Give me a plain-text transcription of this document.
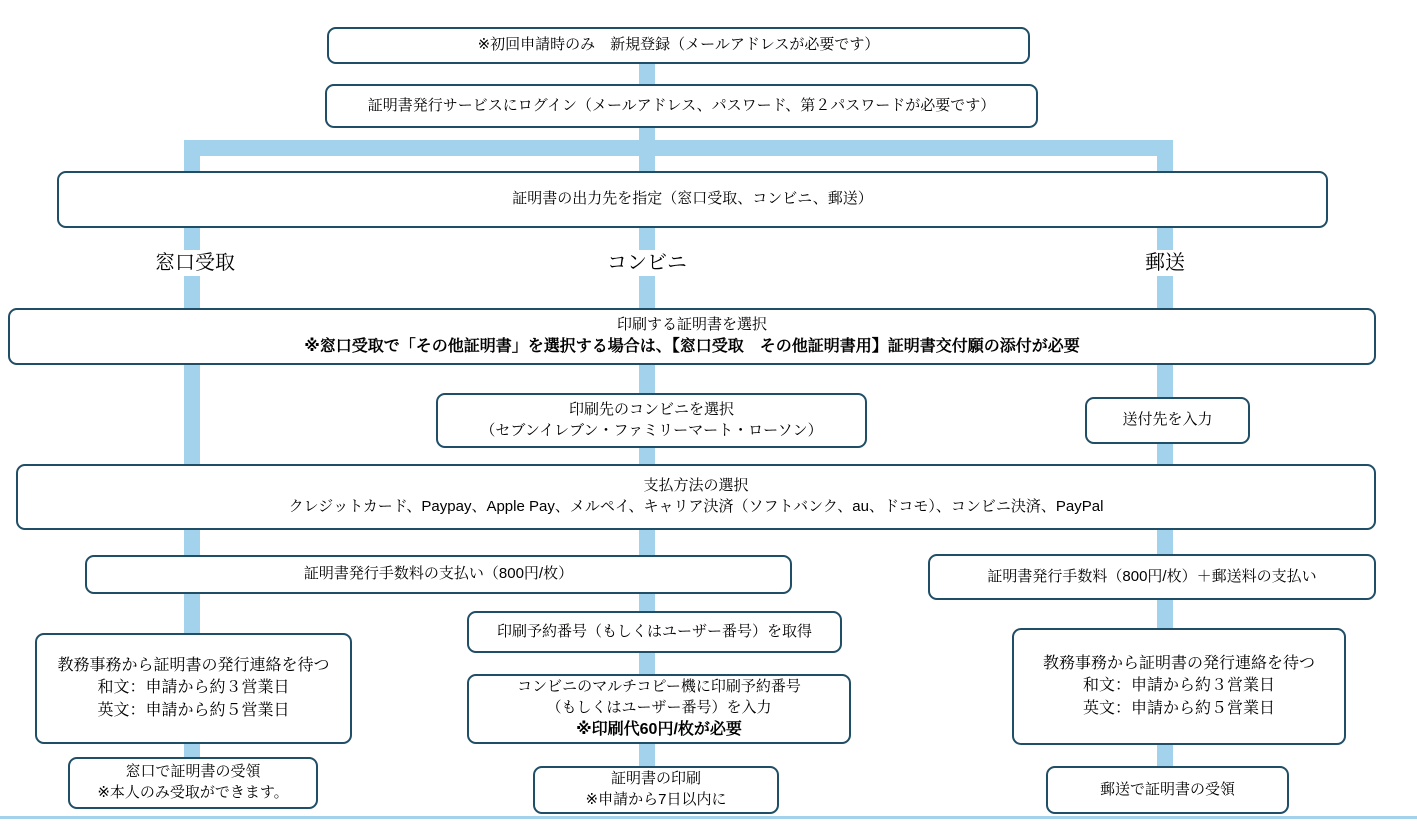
※初回申請時のみ　新規登録（メールアドレスが必要です）
証明書発行サービスにログイン（メールアドレス、パスワード、第２パスワードが必要です）
証明書の出力先を指定（窓口受取、コンビニ、郵送）
窓口受取	コンビニ	郵送
印刷する証明書を選択
※窓口受取で「その他証明書」を選択する場合は、【窓口受取　その他証明書用】証明書交付願の添付が必要
印刷先のコンビニを選択
（セブンイレブン・ファミリーマート・ローソン）
送付先を入力
支払方法の選択
クレジットカード、Paypay、Apple Pay、メルペイ、キャリア決済（ソフトバンク、au、ドコモ）、コンビニ決済、PayPal
証明書発行手数料の支払い（800円/枚）	証明書発行手数料（800円/枚）＋郵送料の支払い
印刷予約番号（もしくはユーザー番号）を取得
教務事務から証明書の発行連絡を待つ
和文：申請から約３営業日
英文：申請から約５営業日
コンビニのマルチコピー機に印刷予約番号
（もしくはユーザー番号）を入力
※印刷代60円/枚が必要
教務事務から証明書の発行連絡を待つ
和文：申請から約３営業日
英文：申請から約５営業日
窓口で証明書の受領
※本人のみ受取ができます。
証明書の印刷
※申請から7日以内に
郵送で証明書の受領
